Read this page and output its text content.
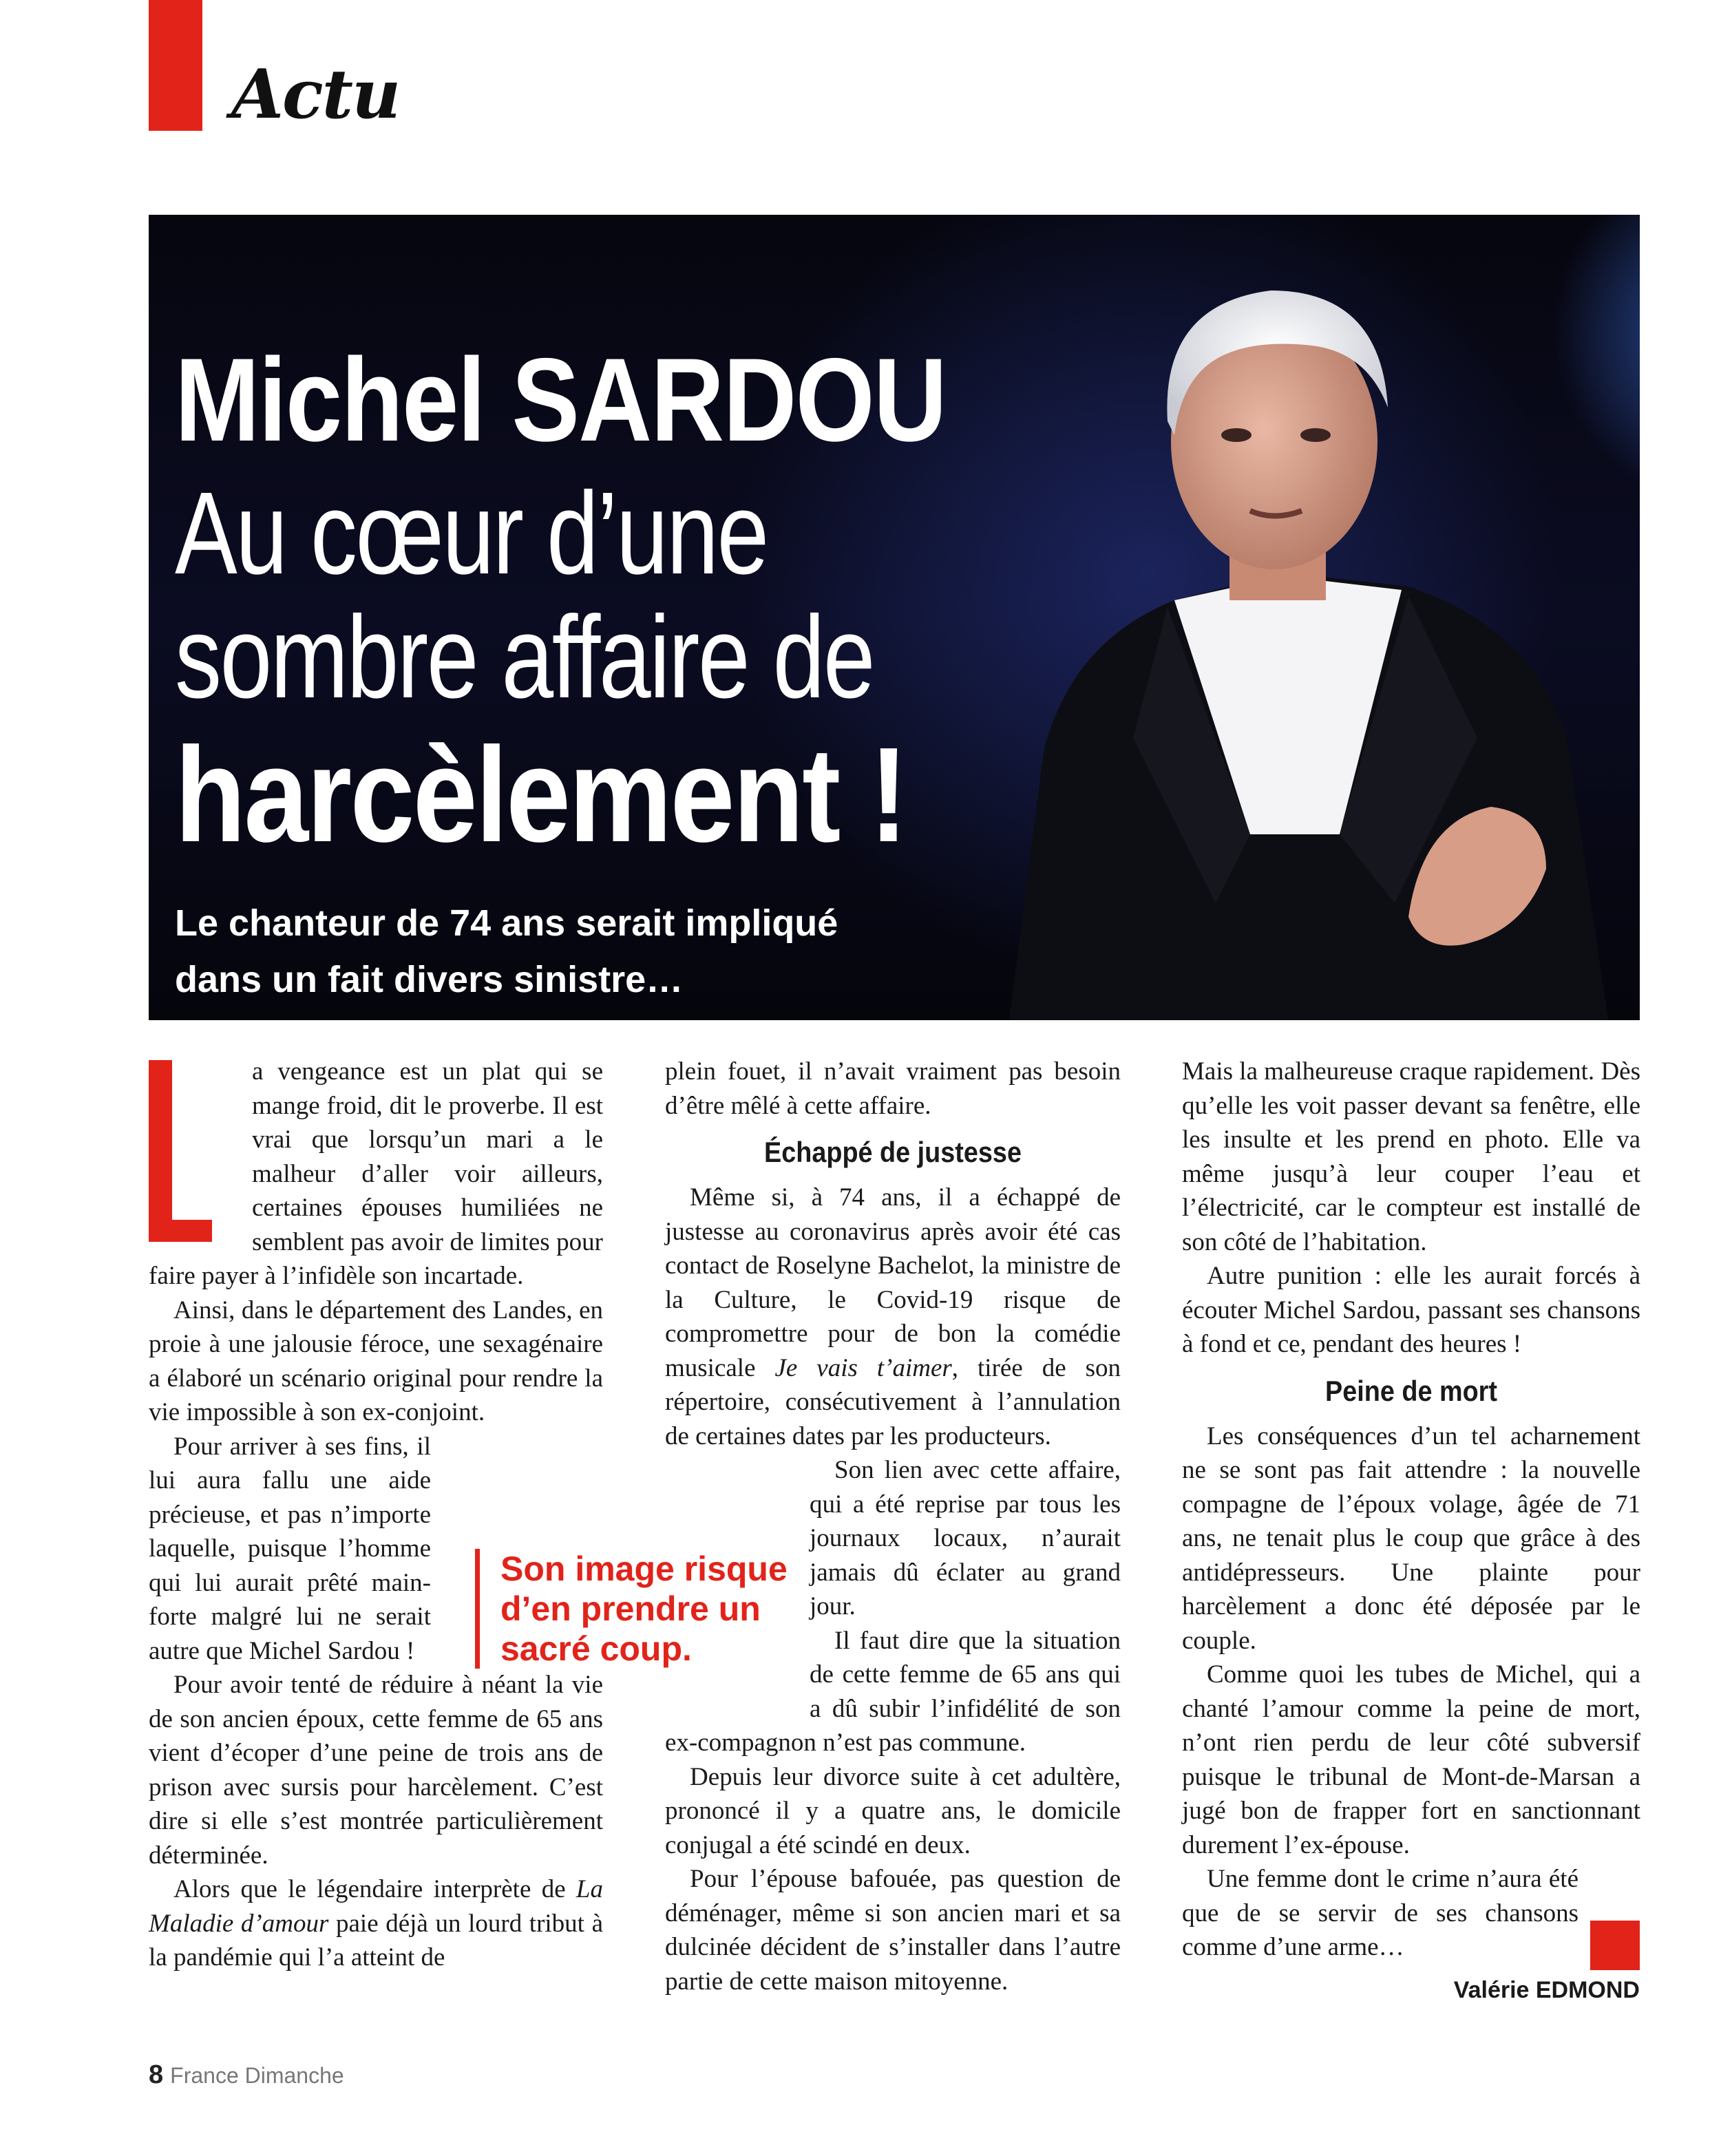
Actu
Michel SARDOU
Au cœur d’une
sombre affaire de
harcèlement !
Le chanteur de 74 ans serait impliqué
dans un fait divers sinistre…

a vengeance est un plat qui se mange froid, dit le proverbe. Il est vrai que lorsqu’un mari a le malheur d’aller voir ailleurs, certaines épouses humiliées ne semblent pas avoir de limites pour faire payer à l’infidèle son incartade.

Ainsi, dans le département des Landes, en proie à une jalousie féroce, une sexagénaire a élaboré un scénario original pour rendre la vie impossible à son ex-conjoint.

Pour arriver à ses fins, il lui aura fallu une aide précieuse, et pas n’importe laquelle, puisque l’homme qui lui aurait prêté main-forte malgré lui ne serait autre que Michel Sardou !

Pour avoir tenté de réduire à néant la vie de son ancien époux, cette femme de 65 ans vient d’écoper d’une peine de trois ans de prison avec sursis pour harcèlement. C’est dire si elle s’est montrée particulièrement déterminée.

Alors que le légendaire interprète de La Maladie d’amour paie déjà un lourd tribut à la pandémie qui l’a atteint de

plein fouet, il n’avait vraiment pas besoin d’être mêlé à cette affaire.

Échappé de justesse

Même si, à 74 ans, il a échappé de justesse au coronavirus après avoir été cas contact de Roselyne Bachelot, la ministre de la Culture, le Covid-19 risque de compromettre pour de bon la comédie musicale Je vais t’aimer, tirée de son répertoire, consécutivement à l’annulation de certaines dates par les producteurs.

Son lien avec cette affaire, qui a été reprise par tous les journaux locaux, n’aurait jamais dû éclater au grand jour.

Il faut dire que la situation de cette femme de 65 ans qui a dû subir l’infidélité de son ex-compagnon n’est pas commune.

Depuis leur divorce suite à cet adultère, prononcé il y a quatre ans, le domicile conjugal a été scindé en deux.

Pour l’épouse bafouée, pas question de déménager, même si son ancien mari et sa dulcinée décident de s’installer dans l’autre partie de cette maison mitoyenne.

Mais la malheureuse craque rapidement. Dès qu’elle les voit passer devant sa fenêtre, elle les insulte et les prend en photo. Elle va même jusqu’à leur couper l’eau et l’électricité, car le compteur est installé de son côté de l’habitation.

Autre punition : elle les aurait forcés à écouter Michel Sardou, passant ses chansons à fond et ce, pendant des heures !

Peine de mort

Les conséquences d’un tel acharnement ne se sont pas fait attendre : la nouvelle compagne de l’époux volage, âgée de 71 ans, ne tenait plus le coup que grâce à des antidépresseurs. Une plainte pour harcèlement a donc été déposée par le couple.

Comme quoi les tubes de Michel, qui a chanté l’amour comme la peine de mort, n’ont rien perdu de leur côté subversif puisque le tribunal de Mont-de-Marsan a jugé bon de frapper fort en sanctionnant durement l’ex-épouse.

Une femme dont le crime n’aura été que de se servir de ses chansons comme d’une arme…

Son image risque d’en prendre un sacré coup.
Valérie EDMOND
8 France Dimanche
